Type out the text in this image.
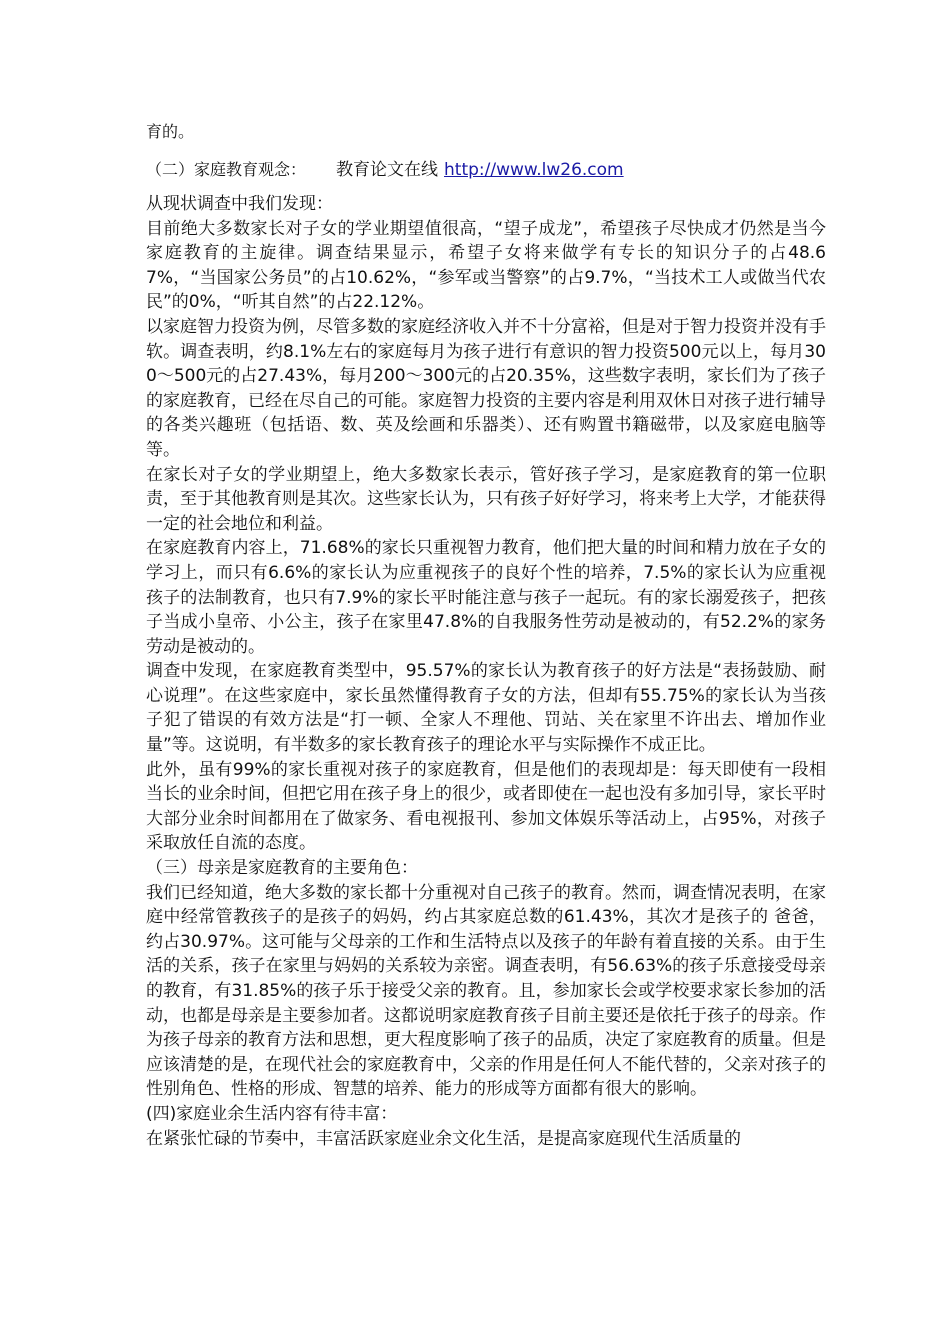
育的。
（二）家庭教育观念： 教育论文在线 http://www.lw26.com

从现状调查中我们发现：

目前绝大多数家长对子女的学业期望值很高，“望子成龙”，希望孩子尽快成才仍然是当今家庭教育的主旋律。调查结果显示，希望子女将来做学有专长的知识分子的占48.67%，“当国家公务员”的占10.62%，“参军或当警察”的占9.7%，“当技术工人或做当代农民”的0%，“听其自然”的占22.12%。

以家庭智力投资为例，尽管多数的家庭经济收入并不十分富裕，但是对于智力投资并没有手软。调查表明，约8.1%左右的家庭每月为孩子进行有意识的智力投资500元以上，每月300～500元的占27.43%，每月200～300元的占20.35%，这些数字表明，家长们为了孩子的家庭教育，已经在尽自己的可能。家庭智力投资的主要内容是利用双休日对孩子进行辅导的各类兴趣班（包括语、数、英及绘画和乐器类）、还有购置书籍磁带，以及家庭电脑等等。

在家长对子女的学业期望上，绝大多数家长表示，管好孩子学习，是家庭教育的第一位职责，至于其他教育则是其次。这些家长认为，只有孩子好好学习，将来考上大学，才能获得一定的社会地位和利益。

在家庭教育内容上，71.68%的家长只重视智力教育，他们把大量的时间和精力放在子女的学习上，而只有6.6%的家长认为应重视孩子的良好个性的培养，7.5%的家长认为应重视孩子的法制教育，也只有7.9%的家长平时能注意与孩子一起玩。有的家长溺爱孩子，把孩子当成小皇帝、小公主，孩子在家里47.8%的自我服务性劳动是被动的，有52.2%的家务劳动是被动的。

调查中发现，在家庭教育类型中，95.57%的家长认为教育孩子的好方法是“表扬鼓励、耐心说理”。在这些家庭中，家长虽然懂得教育子女的方法，但却有55.75%的家长认为当孩子犯了错误的有效方法是“打一顿、全家人不理他、罚站、关在家里不许出去、增加作业量”等。这说明，有半数多的家长教育孩子的理论水平与实际操作不成正比。

此外，虽有99%的家长重视对孩子的家庭教育，但是他们的表现却是：每天即使有一段相当长的业余时间，但把它用在孩子身上的很少，或者即使在一起也没有多加引导，家长平时大部分业余时间都用在了做家务、看电视报刊、参加文体娱乐等活动上，占95%，对孩子采取放任自流的态度。

（三）母亲是家庭教育的主要角色：

我们已经知道，绝大多数的家长都十分重视对自己孩子的教育。然而，调查情况表明，在家庭中经常管教孩子的是孩子的妈妈，约占其家庭总数的61.43%，其次才是孩子的 爸爸，约占30.97%。这可能与父母亲的工作和生活特点以及孩子的年龄有着直接的关系。由于生活的关系，孩子在家里与妈妈的关系较为亲密。调查表明，有56.63%的孩子乐意接受母亲的教育，有31.85%的孩子乐于接受父亲的教育。且，参加家长会或学校要求家长参加的活动，也都是母亲是主要参加者。这都说明家庭教育孩子目前主要还是依托于孩子的母亲。作为孩子母亲的教育方法和思想，更大程度影响了孩子的品质，决定了家庭教育的质量。但是应该清楚的是，在现代社会的家庭教育中，父亲的作用是任何人不能代替的，父亲对孩子的性别角色、性格的形成、智慧的培养、能力的形成等方面都有很大的影响。

(四)家庭业余生活内容有待丰富：

在紧张忙碌的节奏中，丰富活跃家庭业余文化生活，是提高家庭现代生活质量的
